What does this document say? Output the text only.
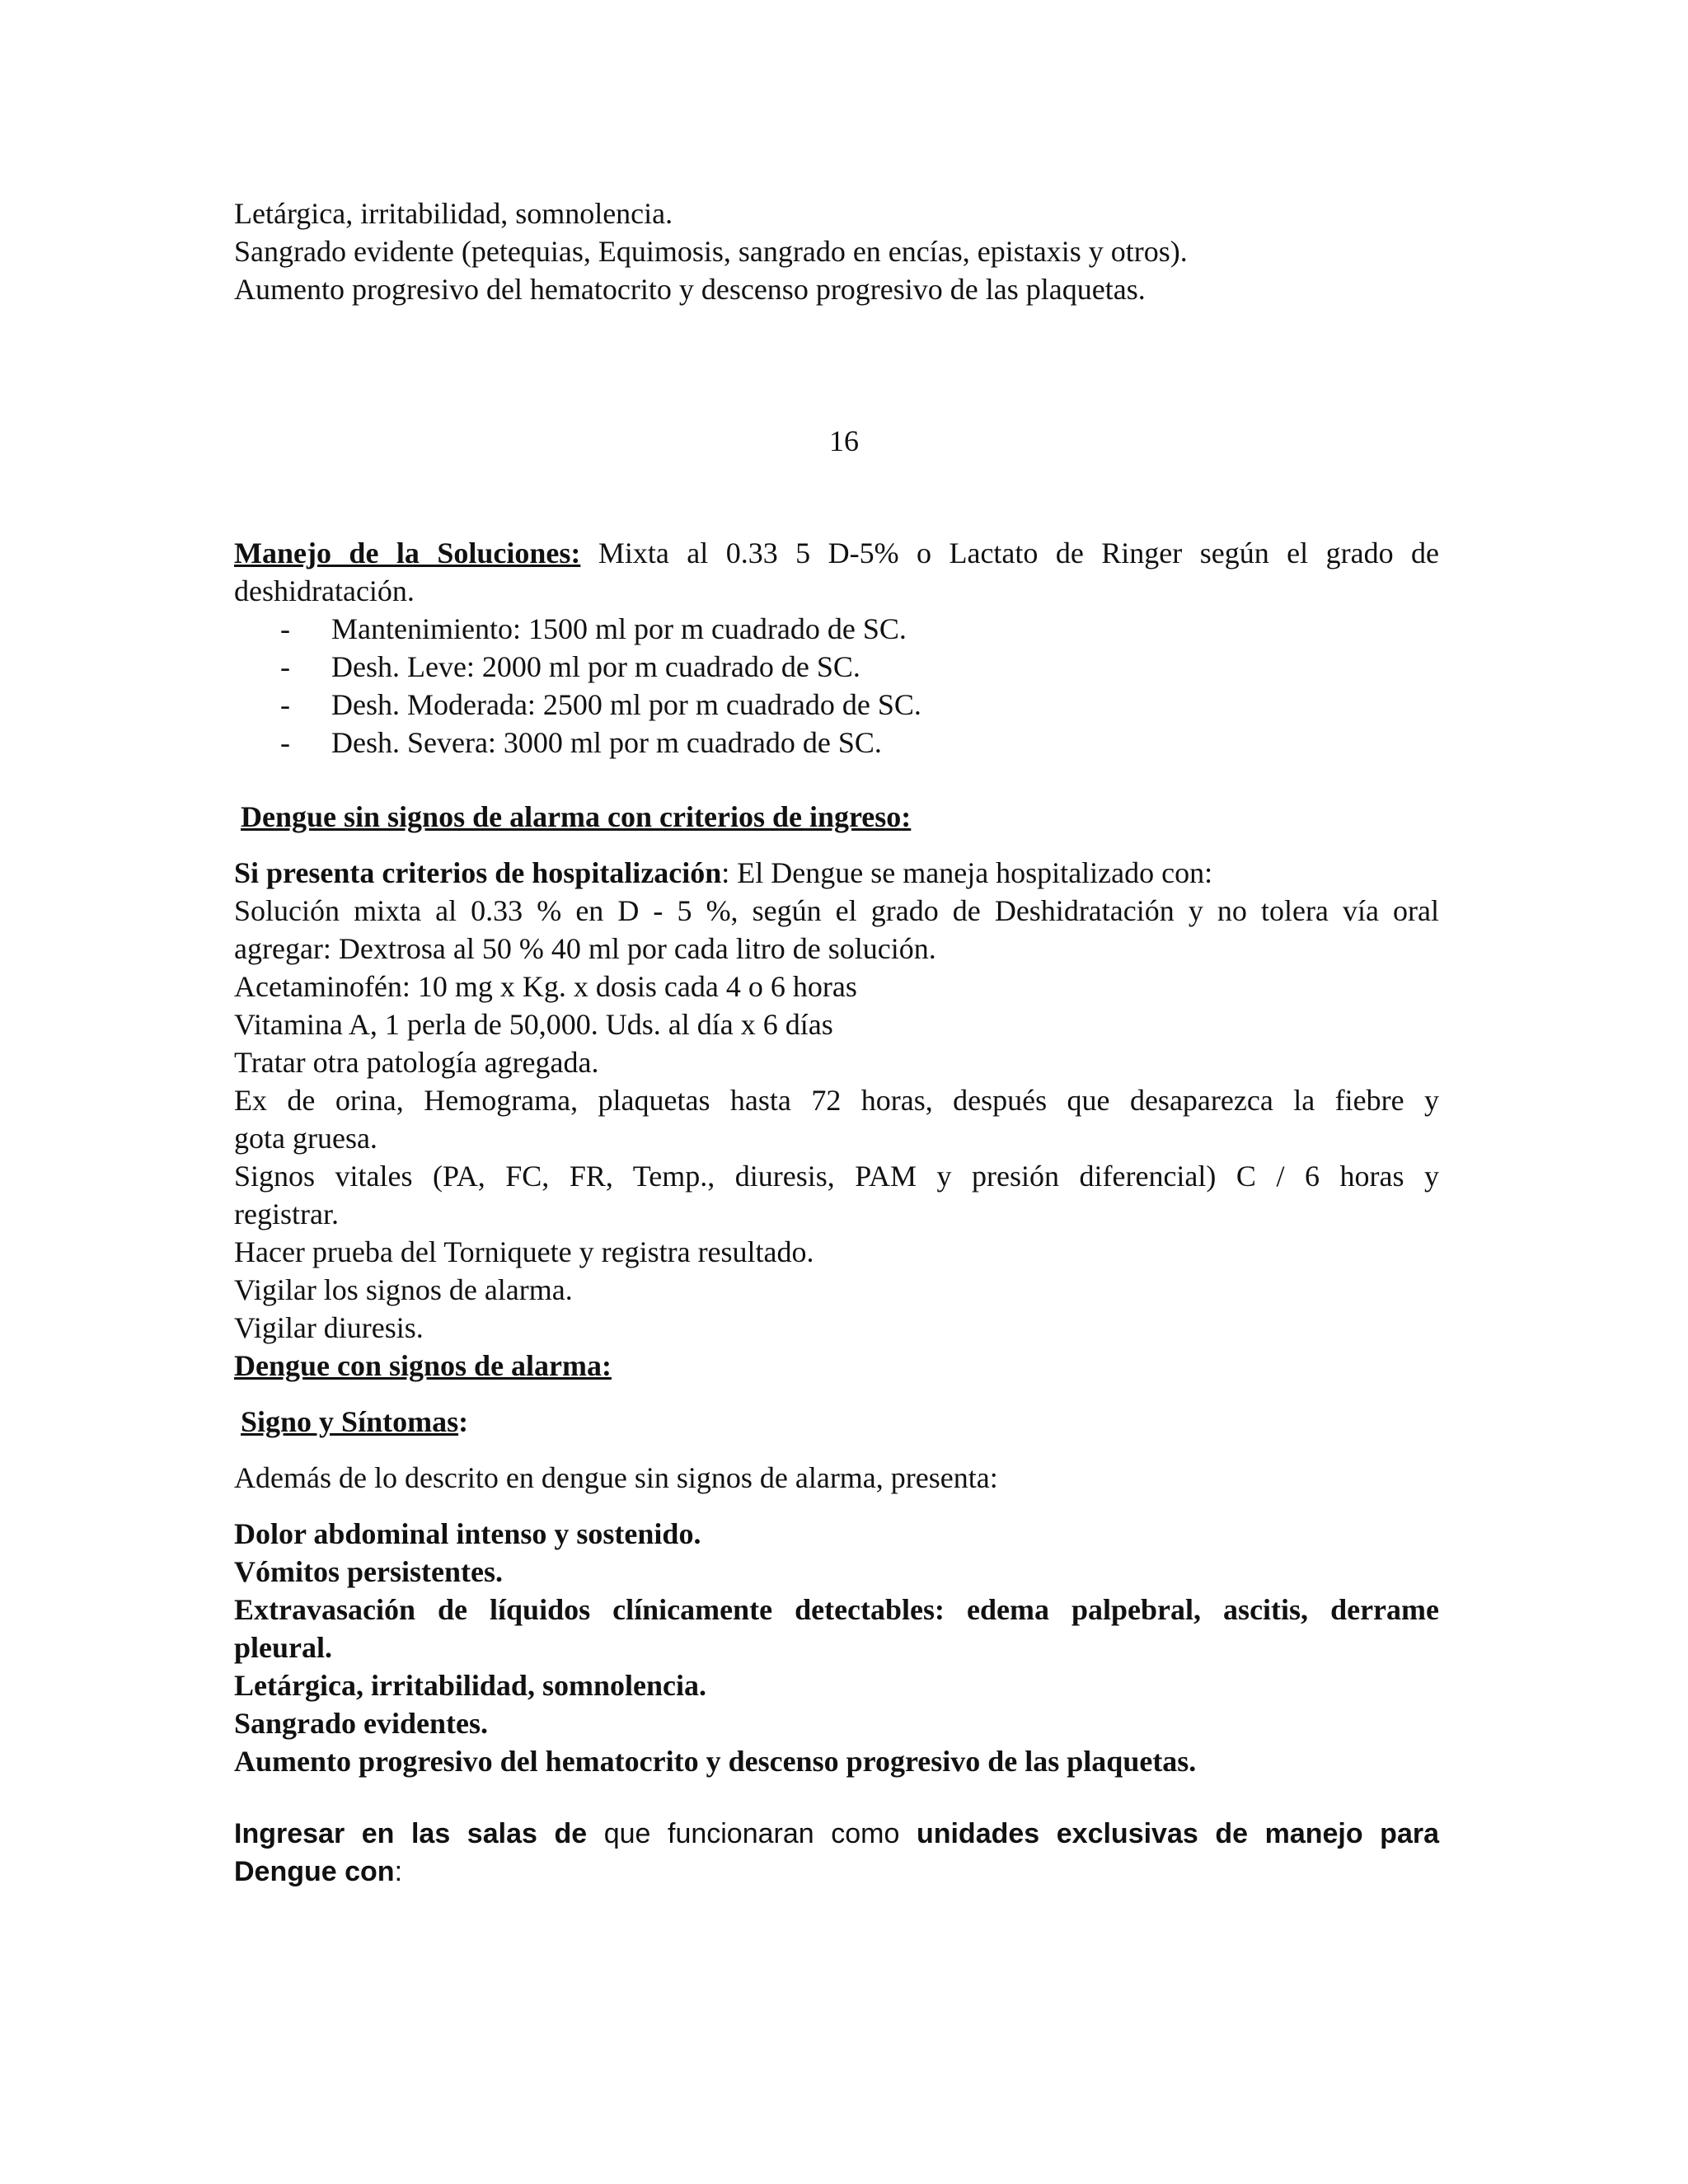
Letárgica, irritabilidad, somnolencia.
Sangrado evidente (petequias, Equimosis, sangrado en encías, epistaxis y otros).
Aumento progresivo del hematocrito y descenso progresivo de las plaquetas.
16
Manejo de la Soluciones: Mixta al 0.33 5 D-5% o Lactato de Ringer según el grado de
deshidratación.
- Mantenimiento: 1500 ml por m cuadrado de SC.
- Desh. Leve: 2000 ml por m cuadrado de SC.
- Desh. Moderada: 2500 ml por m cuadrado de SC.
- Desh. Severa: 3000 ml por m cuadrado de SC.
Dengue sin signos de alarma con criterios de ingreso:
Si presenta criterios de hospitalización: El Dengue se maneja hospitalizado con:
Solución mixta al 0.33 % en D - 5 %, según el grado de Deshidratación y no tolera vía oral
agregar: Dextrosa al 50 % 40 ml por cada litro de solución.
Acetaminofén: 10 mg x Kg. x dosis cada 4 o 6 horas
Vitamina A, 1 perla de 50,000. Uds. al día x 6 días
Tratar otra patología agregada.
Ex de orina, Hemograma, plaquetas hasta 72 horas, después que desaparezca la fiebre y
gota gruesa.
Signos vitales (PA, FC, FR, Temp., diuresis, PAM y presión diferencial) C / 6 horas y
registrar.
Hacer prueba del Torniquete y registra resultado.
Vigilar los signos de alarma.
Vigilar diuresis.
Dengue con signos de alarma:
Signo y Síntomas:
Además de lo descrito en dengue sin signos de alarma, presenta:
Dolor abdominal intenso y sostenido.
Vómitos persistentes.
Extravasación de líquidos clínicamente detectables: edema palpebral, ascitis, derrame
pleural.
Letárgica, irritabilidad, somnolencia.
Sangrado evidentes.
Aumento progresivo del hematocrito y descenso progresivo de las plaquetas.
Ingresar en las salas de que funcionaran como unidades exclusivas de manejo para
Dengue con:
